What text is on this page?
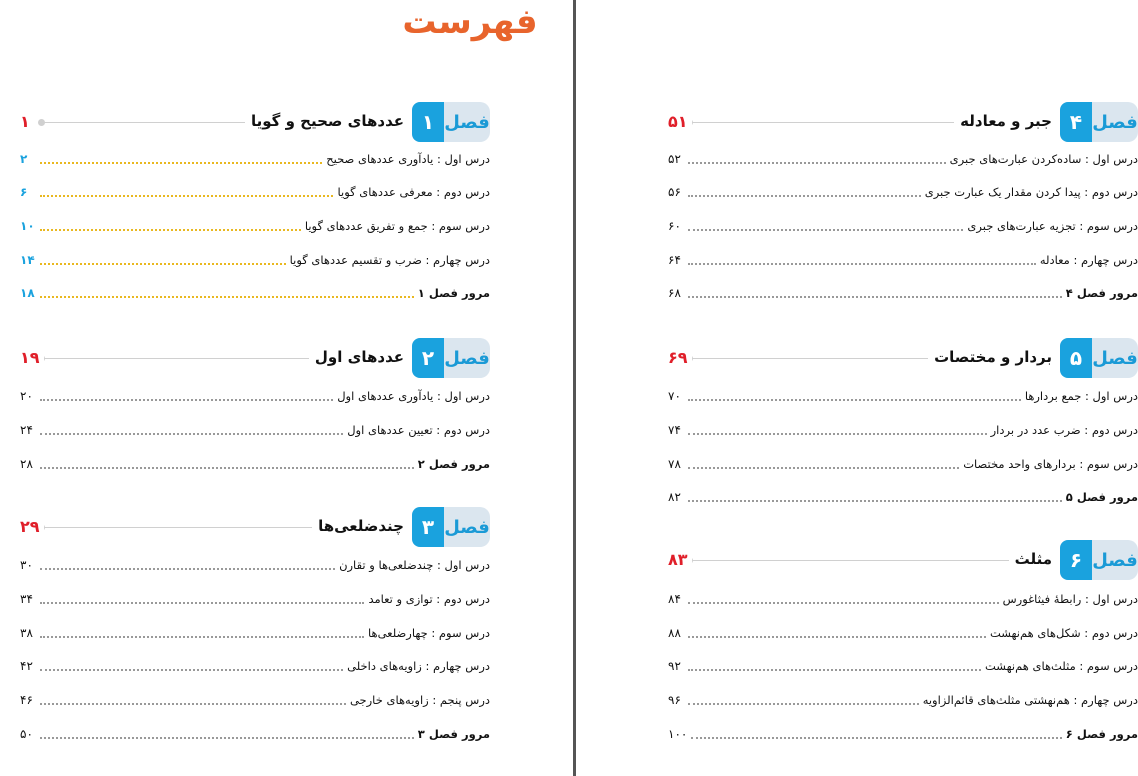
فهرست
فصل
۴
جبر و معادله
۵۱
درس اول : ساده‌کردن عبارت‌های جبری
۵۲
درس دوم : پیدا کردن مقدار یک عبارت جبری
۵۶
درس سوم : تجزیه عبارت‌های جبری
۶۰
درس چهارم : معادله
۶۴
مرور فصل ۴
۶۸
فصل
۵
بردار و مختصات
۶۹
درس اول : جمع بردارها
۷۰
درس دوم : ضرب عدد در بردار
۷۴
درس سوم : بردارهای واحد مختصات
۷۸
مرور فصل ۵
۸۲
فصل
۶
مثلث
۸۳
درس اول : رابطهٔ فیثاغورس
۸۴
درس دوم : شکل‌های هم‌نهشت
۸۸
درس سوم : مثلث‌های هم‌نهشت
۹۲
درس چهارم : هم‌نهشتی مثلث‌های قائم‌الزاویه
۹۶
مرور فصل ۶
۱۰۰
فصل
۱
عددهای صحیح و گویا
۱
درس اول : یادآوری عددهای صحیح
۲
درس دوم : معرفی عددهای گویا
۶
درس سوم : جمع و تفریق عددهای گویا
۱۰
درس چهارم : ضرب و تقسیم عددهای گویا
۱۴
مرور فصل ۱
۱۸
فصل
۲
عددهای اول
۱۹
درس اول : یادآوری عددهای اول
۲۰
درس دوم : تعیین عددهای اول
۲۴
مرور فصل ۲
۲۸
فصل
۳
چندضلعی‌ها
۲۹
درس اول : چندضلعی‌ها و تقارن
۳۰
درس دوم : توازی و تعامد
۳۴
درس سوم : چهارضلعی‌ها
۳۸
درس چهارم : زاویه‌های داخلی
۴۲
درس پنجم : زاویه‌های خارجی
۴۶
مرور فصل ۳
۵۰
